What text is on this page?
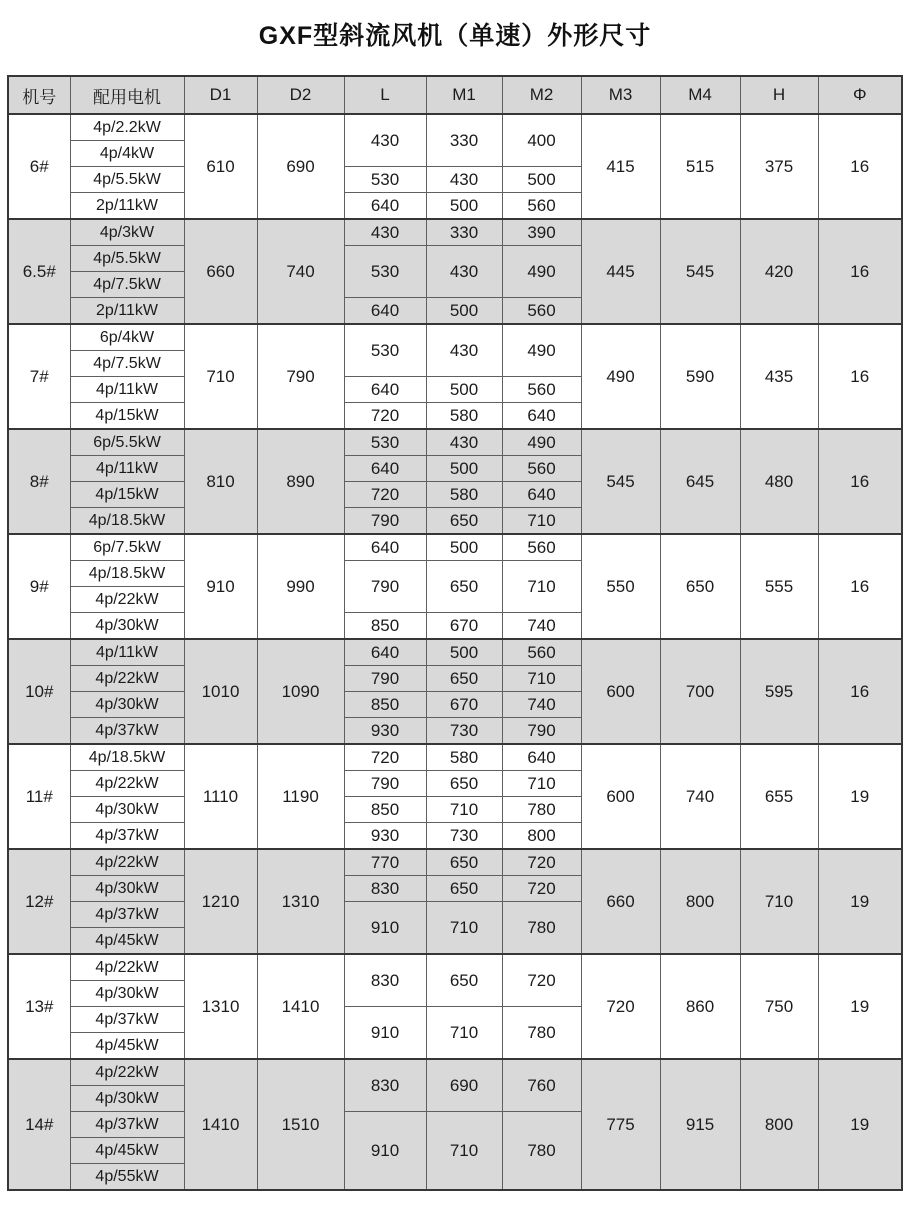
GXF型斜流风机（单速）外形尺寸
机号	配用电机	D1	D2	L	M1	M2	M3	M4	H	Φ
6#	4p/2.2kW	610	690	430	330	400	415	515	375	16
	4p/4kW									
	4p/5.5kW			530	430	500				
	2p/11kW			640	500	560				
6.5#	4p/3kW	660	740	430	330	390	445	545	420	16
	4p/5.5kW			530	430	490				
	4p/7.5kW									
	2p/11kW			640	500	560				
7#	6p/4kW	710	790	530	430	490	490	590	435	16
	4p/7.5kW									
	4p/11kW			640	500	560				
	4p/15kW			720	580	640				
8#	6p/5.5kW	810	890	530	430	490	545	645	480	16
	4p/11kW			640	500	560				
	4p/15kW			720	580	640				
	4p/18.5kW			790	650	710				
9#	6p/7.5kW	910	990	640	500	560	550	650	555	16
	4p/18.5kW			790	650	710				
	4p/22kW									
	4p/30kW			850	670	740				
10#	4p/11kW	1010	1090	640	500	560	600	700	595	16
	4p/22kW			790	650	710				
	4p/30kW			850	670	740				
	4p/37kW			930	730	790				
11#	4p/18.5kW	1110	1190	720	580	640	600	740	655	19
	4p/22kW			790	650	710				
	4p/30kW			850	710	780				
	4p/37kW			930	730	800				
12#	4p/22kW	1210	1310	770	650	720	660	800	710	19
	4p/30kW			830	650	720				
	4p/37kW			910	710	780				
	4p/45kW									
13#	4p/22kW	1310	1410	830	650	720	720	860	750	19
	4p/30kW									
	4p/37kW			910	710	780				
	4p/45kW									
14#	4p/22kW	1410	1510	830	690	760	775	915	800	19
	4p/30kW									
	4p/37kW			910	710	780				
	4p/45kW									
	4p/55kW									
